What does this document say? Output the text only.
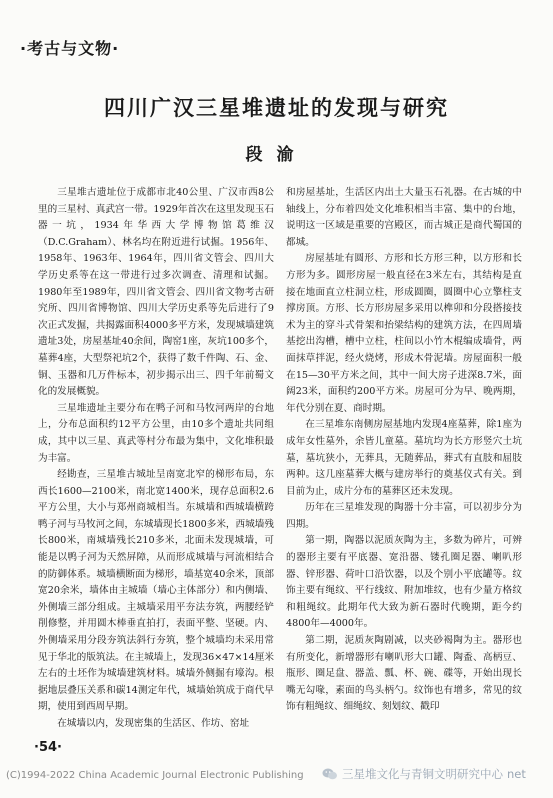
·考古与文物·
四川广汉三星堆遗址的发现与研究
段渝

三星堆古遗址位于成都市北40公里、广汉市西8公里的三星村、真武宫一带。1929年首次在这里发现玉石器一坑，1934年华西大学博物馆葛维汉（D.C.Graham）、林名均在附近进行试掘。1956年、1958年、1963年、1964年，四川省文管会、四川大学历史系等在这一带进行过多次调查、清理和试掘。1980年至1989年，四川省文管会、四川省文物考古研究所、四川省博物馆、四川大学历史系等先后进行了9次正式发掘，共揭露面积4000多平方米，发现城墙建筑遗址3处，房屋基址40余间，陶窑1座，灰坑100多个，墓葬4座，大型祭祀坑2个，获得了数千件陶、石、金、铜、玉器和几万件标本，初步揭示出三、四千年前蜀文化的发展概貌。

三星堆遗址主要分布在鸭子河和马牧河两岸的台地上，分布总面积约12平方公里，由10多个遗址共同组成，其中以三星、真武等村分布最为集中，文化堆积最为丰富。

经勘查，三星堆古城址呈南宽北窄的梯形布局，东西长1600—2100米，南北宽1400米，现存总面积2.6平方公里，大小与郑州商城相当。东城墙和西城墙横跨鸭子河与马牧河之间，东城墙现长1800多米，西城墙残长800米，南城墙残长210多米，北面未发现城墙，可能是以鸭子河为天然屏障，从而形成城墙与河流相结合的防御体系。城墙横断面为梯形，墙基宽40余米，顶部宽20余米，墙体由主城墙（墙心主体部分）和内侧墙、外侧墙三部分组成。主城墙采用平夯法夯筑，两腰经铲削修整，并用圆木棒垂直拍打，表面平整、坚硬。内、外侧墙采用分段夯筑法斜行夯筑，整个城墙均未采用常见于华北的版筑法。在主城墙上，发现36×47×14厘米左右的土坯作为城墙建筑材料。城墙外侧掘有壕沟。根据地层叠压关系和碳14测定年代，城墙始筑成于商代早期，使用到西周早期。

在城墙以内，发现密集的生活区、作坊、窑址

和房屋基址，生活区内出土大量玉石礼器。在古城的中轴线上，分布着四处文化堆积相当丰富、集中的台地，说明这一区域是重要的宫殿区，而古城正是商代蜀国的都城。

房屋基址有圆形、方形和长方形三种，以方形和长方形为多。圆形房屋一般直径在3米左右，其结构是直接在地面直立柱洞立柱，形成圆圈，圆圈中心立擎柱支撑房顶。方形、长方形房屋多采用以榫卯和分段搭接技术为主的穿斗式骨架和抬梁结构的建筑方法，在四周墙基挖出沟槽，槽中立柱，柱间以小竹木棍编成墙骨，两面抹草拌泥，经火烧烤，形成木骨泥墙。房屋面积一般在15—30平方米之间，其中一间大房子进深8.7米，面阔23米，面积约200平方米。房屋可分为早、晚两期，年代分别在夏、商时期。

在三星堆东南侧房屋基地内发现4座墓葬，除1座为成年女性墓外，余皆儿童墓。墓坑均为长方形竖穴土坑墓，墓坑狭小，无葬具，无随葬品，葬式有直肢和屈肢两种。这几座墓葬大概与建房举行的奠基仪式有关。到目前为止，成片分布的墓葬区还未发现。

历年在三星堆发现的陶器十分丰富，可以初步分为四期。

第一期，陶器以泥质灰陶为主，多数为碎片，可辨的器形主要有平底器、宽沿器、镂孔圈足器、喇叭形器、锌形器、荷叶口沿饮器，以及个别小平底罐等。纹饰主要有绳纹、平行线纹、附加堆纹，也有少量方格纹和粗绳纹。此期年代大致为新石器时代晚期，距今约4800年—4000年。

第二期，泥质灰陶剧减，以夹砂褐陶为主。器形也有所变化，新增器形有喇叭形大口罐、陶盉、高柄豆、瓶形、圈足盘、器盖、瓢、杯、碗、碟等，开始出现长嘴无勾喙，素面的鸟头柄勺。纹饰也有增多，常见的纹饰有粗绳纹、细绳纹、刻划纹、戳印

·54·
(C)1994-2022 China Academic Journal Electronic Publishing	三星堆文化与青铜文明研究中心 net
